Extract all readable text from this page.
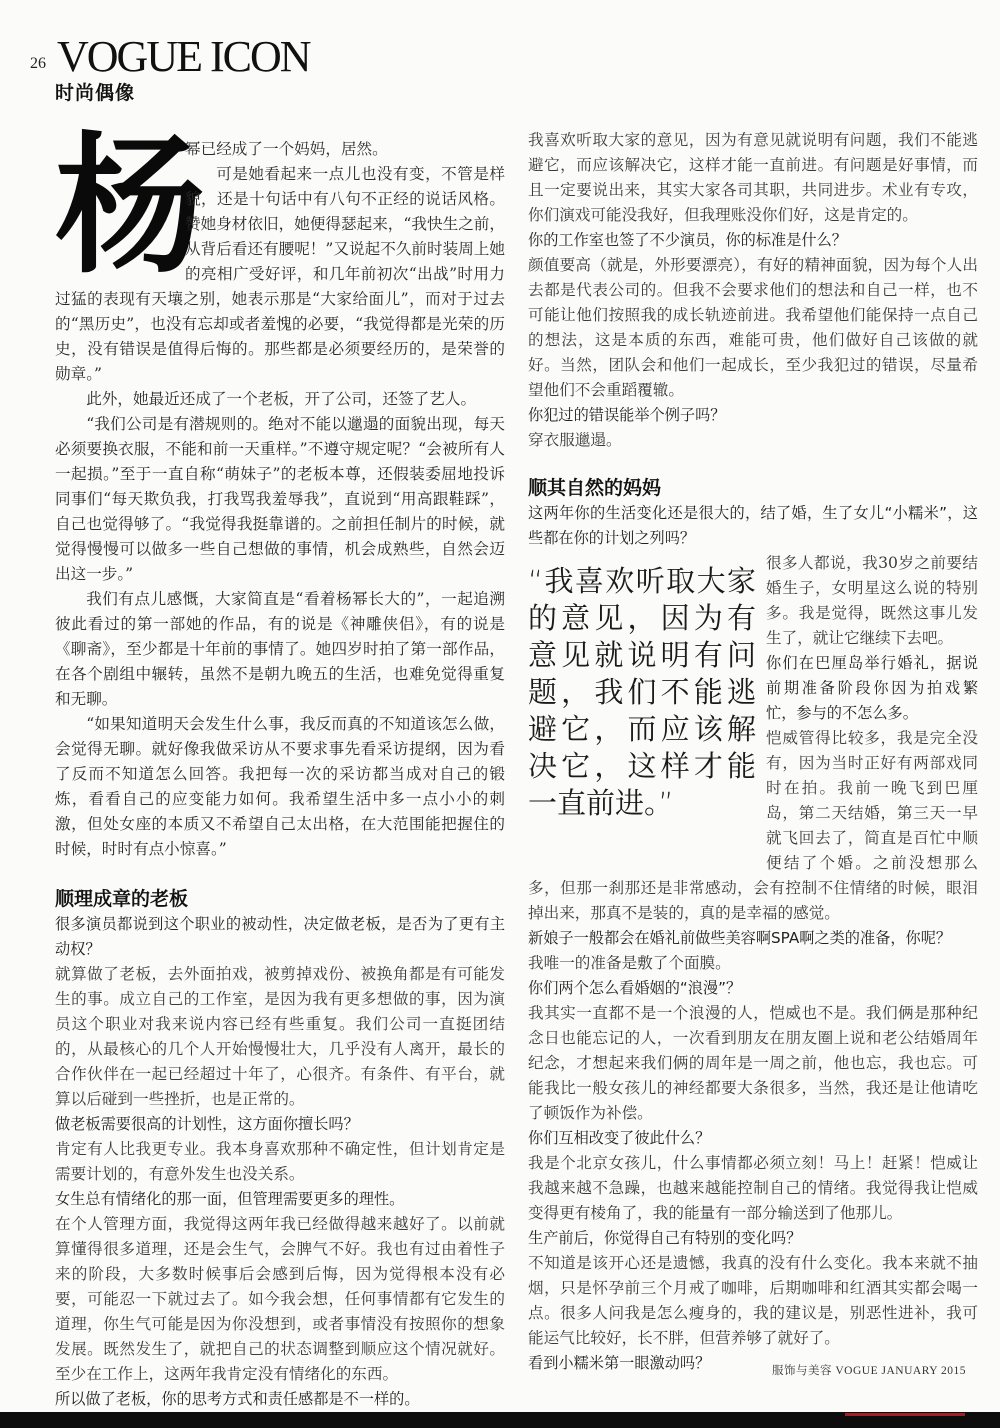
26 VOGUE ICON
时尚偶像
杨

幂已经成了一个妈妈，居然。

可是她看起来一点儿也没有变，不管是样貌，还是十句话中有八句不正经的说话风格。赞她身材依旧，她便得瑟起来，“我快生之前，从背后看还有腰呢！”又说起不久前时装周上她的亮相广受好评，和几年前初次“出战”时用力过猛的表现有天壤之别，她表示那是“大家给面儿”，而对于过去的“黑历史”，也没有忘却或者羞愧的必要，“我觉得都是光荣的历史，没有错误是值得后悔的。那些都是必须要经历的，是荣誉的勋章。”

此外，她最近还成了一个老板，开了公司，还签了艺人。

“我们公司是有潜规则的。绝对不能以邋遢的面貌出现，每天必须要换衣服，不能和前一天重样。”不遵守规定呢？“会被所有人一起损。”至于一直自称“萌妹子”的老板本尊，还假装委屈地投诉同事们“每天欺负我，打我骂我羞辱我”，直说到“用高跟鞋踩”，自己也觉得够了。“我觉得我挺靠谱的。之前担任制片的时候，就觉得慢慢可以做多一些自己想做的事情，机会成熟些，自然会迈出这一步。”

我们有点儿感慨，大家简直是“看着杨幂长大的”，一起追溯彼此看过的第一部她的作品，有的说是《神雕侠侣》，有的说是《聊斋》，至少都是十年前的事情了。她四岁时拍了第一部作品，在各个剧组中辗转，虽然不是朝九晚五的生活，也难免觉得重复和无聊。

“如果知道明天会发生什么事，我反而真的不知道该怎么做，会觉得无聊。就好像我做采访从不要求事先看采访提纲，因为看了反而不知道怎么回答。我把每一次的采访都当成对自己的锻炼，看看自己的应变能力如何。我希望生活中多一点小小的刺激，但处女座的本质又不希望自己太出格，在大范围能把握住的时候，时时有点小惊喜。”

顺理成章的老板

很多演员都说到这个职业的被动性，决定做老板，是否为了更有主动权？

就算做了老板，去外面拍戏，被剪掉戏份、被换角都是有可能发生的事。成立自己的工作室，是因为我有更多想做的事，因为演员这个职业对我来说内容已经有些重复。我们公司一直挺团结的，从最核心的几个人开始慢慢壮大，几乎没有人离开，最长的合作伙伴在一起已经超过十年了，心很齐。有条件、有平台，就算以后碰到一些挫折，也是正常的。

做老板需要很高的计划性，这方面你擅长吗？

肯定有人比我更专业。我本身喜欢那种不确定性，但计划肯定是需要计划的，有意外发生也没关系。

女生总有情绪化的那一面，但管理需要更多的理性。

在个人管理方面，我觉得这两年我已经做得越来越好了。以前就算懂得很多道理，还是会生气，会脾气不好。我也有过由着性子来的阶段，大多数时候事后会感到后悔，因为觉得根本没有必要，可能忍一下就过去了。如今我会想，任何事情都有它发生的道理，你生气可能是因为你没想到，或者事情没有按照你的想象发展。既然发生了，就把自己的状态调整到顺应这个情况就好。至少在工作上，这两年我肯定没有情绪化的东西。

所以做了老板，你的思考方式和责任感都是不一样的。

我喜欢听取大家的意见，因为有意见就说明有问题，我们不能逃避它，而应该解决它，这样才能一直前进。有问题是好事情，而且一定要说出来，其实大家各司其职，共同进步。术业有专攻，你们演戏可能没我好，但我理账没你们好，这是肯定的。

你的工作室也签了不少演员，你的标准是什么？

颜值要高（就是，外形要漂亮），有好的精神面貌，因为每个人出去都是代表公司的。但我不会要求他们的想法和自己一样，也不可能让他们按照我的成长轨迹前进。我希望他们能保持一点自己的想法，这是本质的东西，难能可贵，他们做好自己该做的就好。当然，团队会和他们一起成长，至少我犯过的错误，尽量希望他们不会重蹈覆辙。

你犯过的错误能举个例子吗？

穿衣服邋遢。

顺其自然的妈妈

这两年你的生活变化还是很大的，结了婚，生了女儿“小糯米”，这些都在你的计划之列吗？

“我喜欢听取大家的意见，因为有意见就说明有问题，我们不能逃避它，而应该解决它，这样才能一直前进。”

很多人都说，我30岁之前要结婚生子，女明星这么说的特别多。我是觉得，既然这事儿发生了，就让它继续下去吧。

你们在巴厘岛举行婚礼，据说前期准备阶段你因为拍戏繁忙，参与的不怎么多。

恺威管得比较多，我是完全没有，因为当时正好有两部戏同时在拍。我前一晚飞到巴厘岛，第二天结婚，第三天一早就飞回去了，简直是百忙中顺便结了个婚。之前没想那么多，但那一刹那还是非常感动，会有控制不住情绪的时候，眼泪掉出来，那真不是装的，真的是幸福的感觉。

新娘子一般都会在婚礼前做些美容啊SPA啊之类的准备，你呢？

我唯一的准备是敷了个面膜。

你们两个怎么看婚姻的“浪漫”？

我其实一直都不是一个浪漫的人，恺威也不是。我们俩是那种纪念日也能忘记的人，一次看到朋友在朋友圈上说和老公结婚周年纪念，才想起来我们俩的周年是一周之前，他也忘，我也忘。可能我比一般女孩儿的神经都要大条很多，当然，我还是让他请吃了顿饭作为补偿。

你们互相改变了彼此什么？

我是个北京女孩儿，什么事情都必须立刻！马上！赶紧！恺威让我越来越不急躁，也越来越能控制自己的情绪。我觉得我让恺威变得更有棱角了，我的能量有一部分输送到了他那儿。

生产前后，你觉得自己有特别的变化吗？

不知道是该开心还是遗憾，我真的没有什么变化。我本来就不抽烟，只是怀孕前三个月戒了咖啡，后期咖啡和红酒其实都会喝一点。很多人问我是怎么瘦身的，我的建议是，别恶性进补，我可能运气比较好，长不胖，但营养够了就好了。

看到小糯米第一眼激动吗？	服饰与美容 VOGUE JANUARY 2015
